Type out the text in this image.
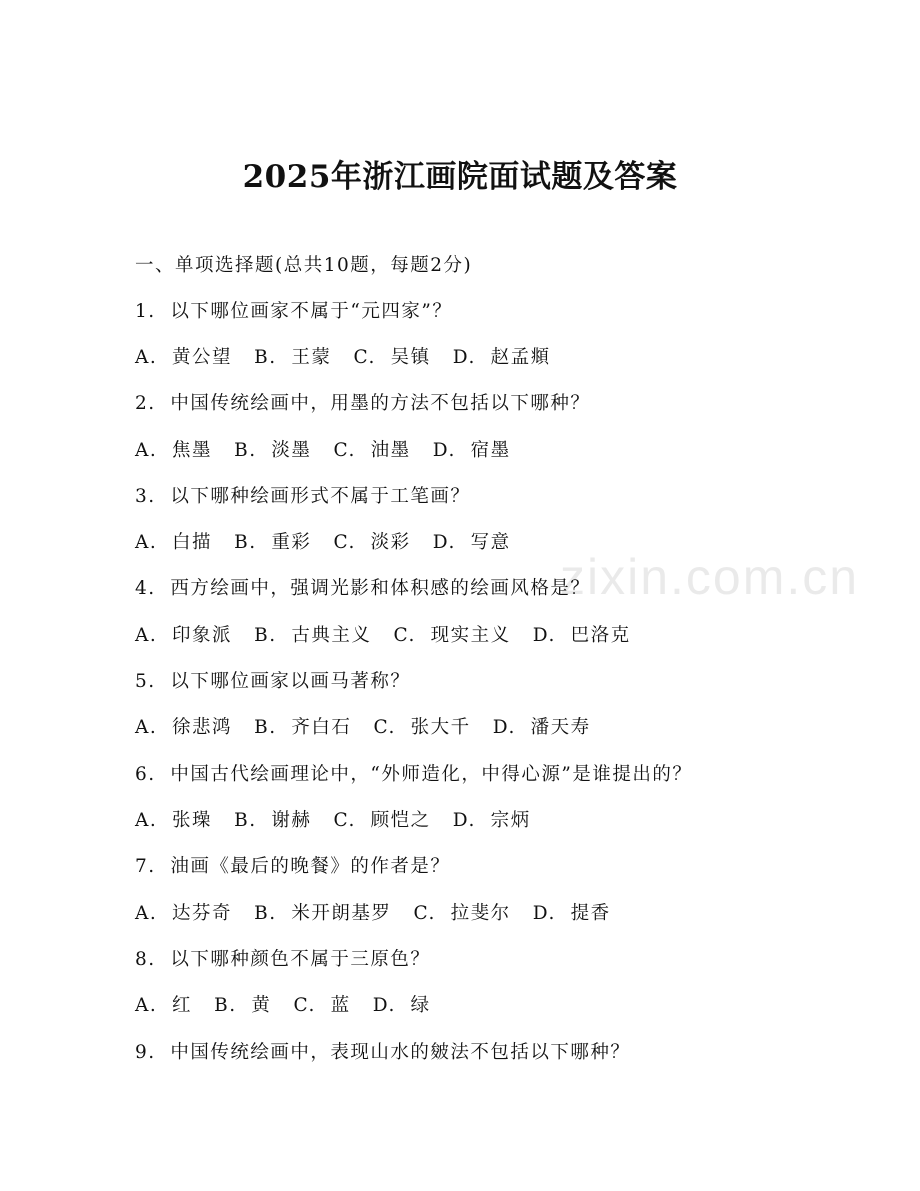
zixin.com.cn
2025年浙江画院面试题及答案
一、单项选择题(总共10题，每题2分)
1.  以下哪位画家不属于“元四家”？
A.  黄公望   B.  王蒙   C.  吴镇   D.  赵孟頫
2.  中国传统绘画中，用墨的方法不包括以下哪种？
A.  焦墨   B.  淡墨   C.  油墨   D.  宿墨
3.  以下哪种绘画形式不属于工笔画？
A.  白描   B.  重彩   C.  淡彩   D.  写意
4.  西方绘画中，强调光影和体积感的绘画风格是？
A.  印象派   B.  古典主义   C.  现实主义   D.  巴洛克
5.  以下哪位画家以画马著称？
A.  徐悲鸿   B.  齐白石   C.  张大千   D.  潘天寿
6.  中国古代绘画理论中，“外师造化，中得心源”是谁提出的？
A.  张璪   B.  谢赫   C.  顾恺之   D.  宗炳
7.  油画《最后的晚餐》的作者是？
A.  达芬奇   B.  米开朗基罗   C.  拉斐尔   D.  提香
8.  以下哪种颜色不属于三原色？
A.  红   B.  黄   C.  蓝   D.  绿
9.  中国传统绘画中，表现山水的皴法不包括以下哪种？
